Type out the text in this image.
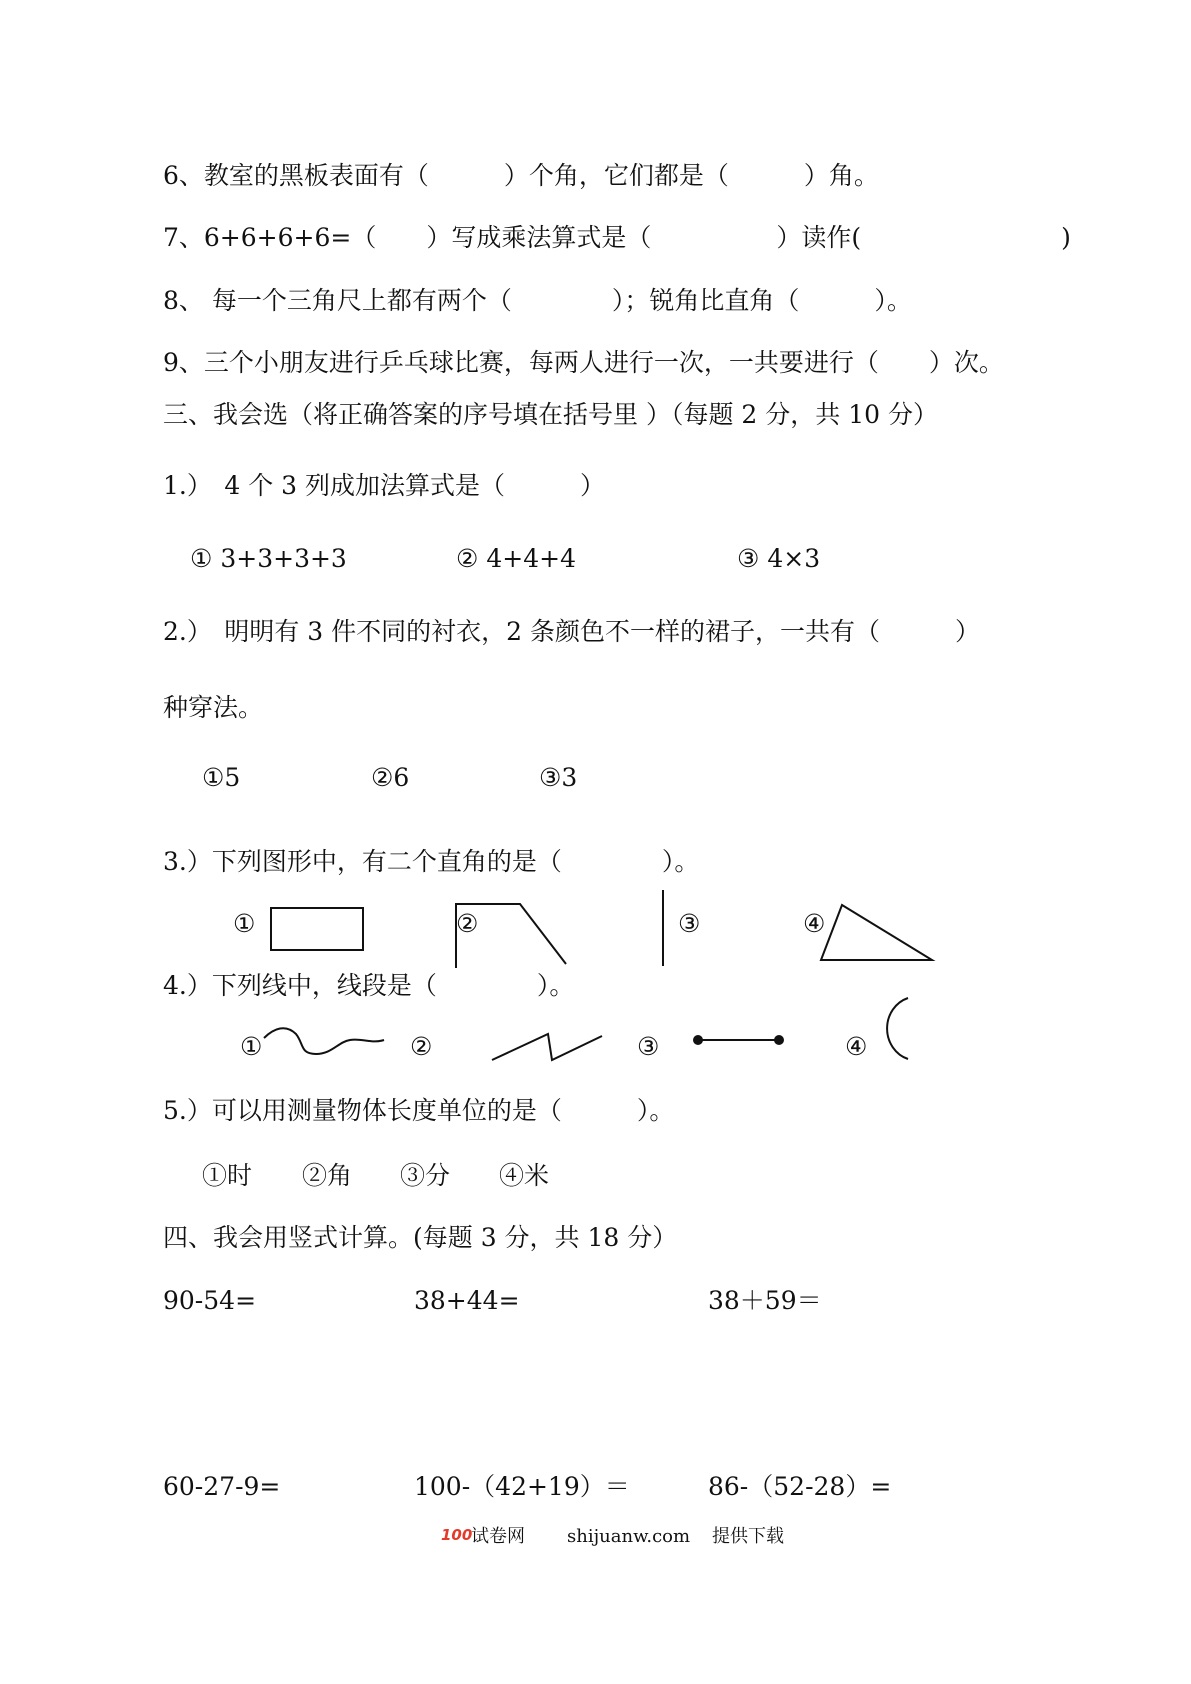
6、教室的黑板表面有（　　　）个角，它们都是（　　　）角。
7、6+6+6+6=（　　）写成乘法算式是（　　　　　）读作(　　　　　　　　)
8、 每一个三角尺上都有两个（　　　　）；锐角比直角（　　　）。
9、三个小朋友进行乒乓球比赛，每两人进行一次，一共要进行（　　）次。
三、我会选（将正确答案的序号填在括号里 ）（每题 2 分，共 10 分）
1.）　4 个 3 列成加法算式是（　　　）
① 3+3+3+3	② 4+4+4	③ 4×3
2.）　明明有 3 件不同的衬衣，2 条颜色不一样的裙子，一共有（　　　）
种穿法。
①5	②6	③3
3.）下列图形中，有二个直角的是（　　　　）。
①	②	③	④
4.）下列线中，线段是（　　　　）。
①	②	③	④
5.）可以用测量物体长度单位的是（　　　）。
①时 ②角 ③分 ④米
四、我会用竖式计算。(每题 3 分，共 18 分）
90-54=	38+44=	38＋59＝
60-27-9=	100-（42+19）＝	86-（52-28）=
100
试卷网 shijuanw.com 提供下载
